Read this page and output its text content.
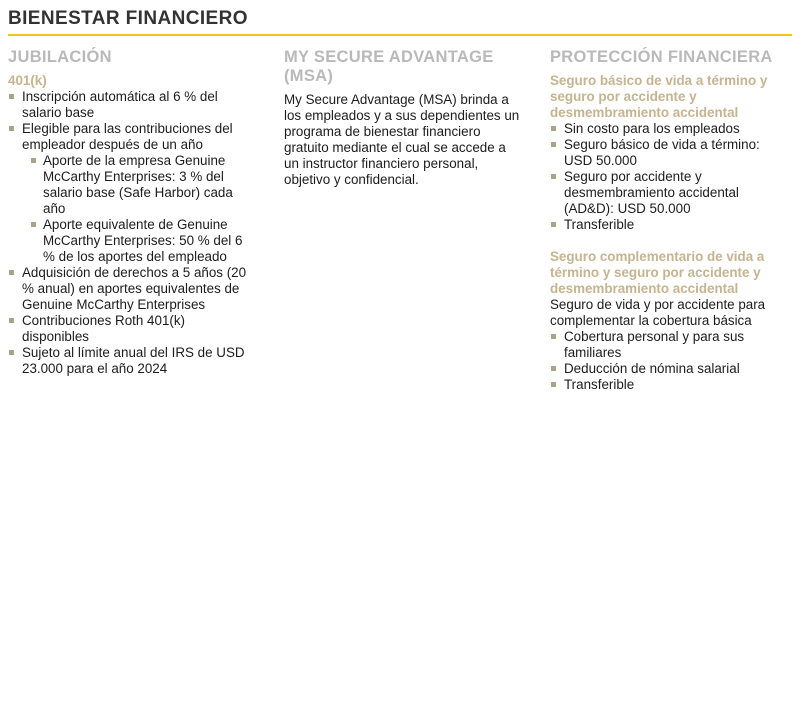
BIENESTAR FINANCIERO
JUBILACIÓN
401(k)
Inscripción automática al 6 % del salario base
Elegible para las contribuciones del empleador después de un año
Aporte de la empresa Genuine McCarthy Enterprises: 3 % del salario base (Safe Harbor) cada año
Aporte equivalente de Genuine McCarthy Enterprises: 50 % del 6 % de los aportes del empleado
Adquisición de derechos a 5 años (20 % anual) en aportes equivalentes de Genuine McCarthy Enterprises
Contribuciones Roth 401(k) disponibles
Sujeto al límite anual del IRS de USD 23.000 para el año 2024
MY SECURE ADVANTAGE (MSA)

My Secure Advantage (MSA) brinda a los empleados y a sus dependientes un programa de bienestar financiero gratuito mediante el cual se accede a un instructor financiero personal, objetivo y confidencial.

PROTECCIÓN FINANCIERA
Seguro básico de vida a término y seguro por accidente y desmembramiento accidental
Sin costo para los empleados
Seguro básico de vida a término: USD 50.000
Seguro por accidente y desmembramiento accidental (AD&D): USD 50.000
Transferible
Seguro complementario de vida a término y seguro por accidente y desmembramiento accidental

Seguro de vida y por accidente para complementar la cobertura básica

Cobertura personal y para sus familiares
Deducción de nómina salarial
Transferible
